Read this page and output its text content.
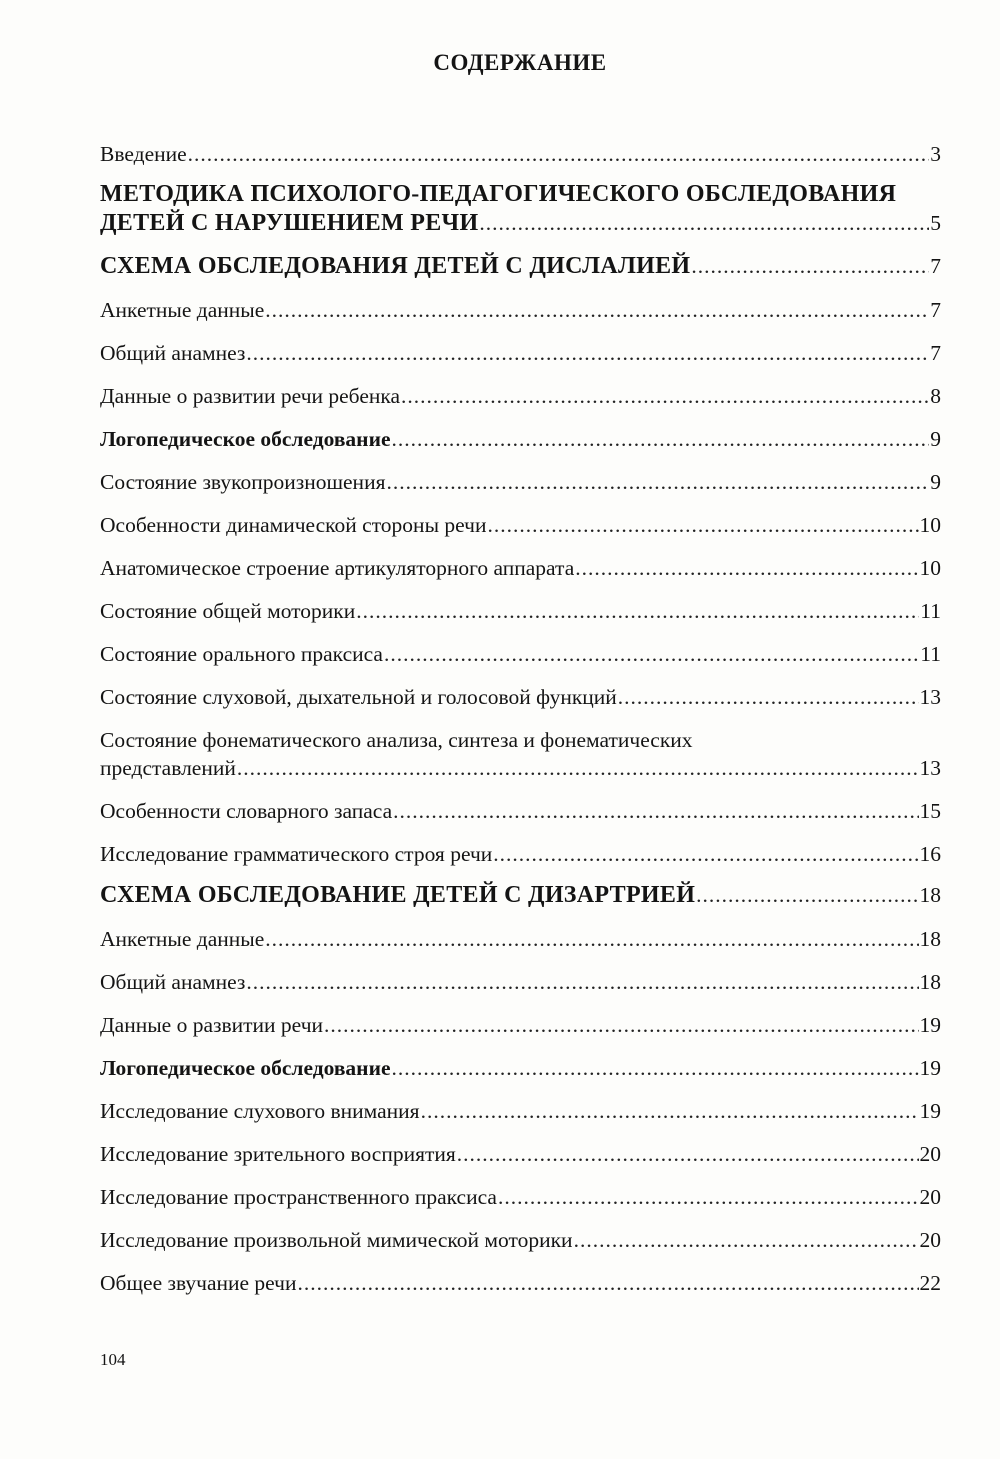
СОДЕРЖАНИЕ
Введение .....	3
МЕТОДИКА ПСИХОЛОГО-ПЕДАГОГИЧЕСКОГО ОБСЛЕДОВАНИЯ
ДЕТЕЙ С НАРУШЕНИЕМ РЕЧИ .....	5
СХЕМА ОБСЛЕДОВАНИЯ ДЕТЕЙ С ДИСЛАЛИЕЙ .....	7
Анкетные данные .....	7
Общий анамнез .....	7
Данные о развитии речи ребенка .....	8
Логопедическое обследование .....	9
Состояние звукопроизношения .....	9
Особенности динамической стороны речи .....	10
Анатомическое строение артикуляторного аппарата .....	10
Состояние общей моторики .....	11
Состояние орального праксиса .....	11
Состояние слуховой, дыхательной и голосовой функций .....	13
Состояние фонематического анализа, синтеза и фонематических
представлений .....	13
Особенности словарного запаса .....	15
Исследование грамматического строя речи .....	16
СХЕМА ОБСЛЕДОВАНИЕ ДЕТЕЙ С ДИЗАРТРИЕЙ .....	18
Анкетные данные .....	18
Общий анамнез .....	18
Данные о развитии речи .....	19
Логопедическое обследование .....	19
Исследование слухового внимания .....	19
Исследование зрительного восприятия .....	20
Исследование пространственного праксиса .....	20
Исследование произвольной мимической моторики .....	20
Общее звучание речи .....	22
104
